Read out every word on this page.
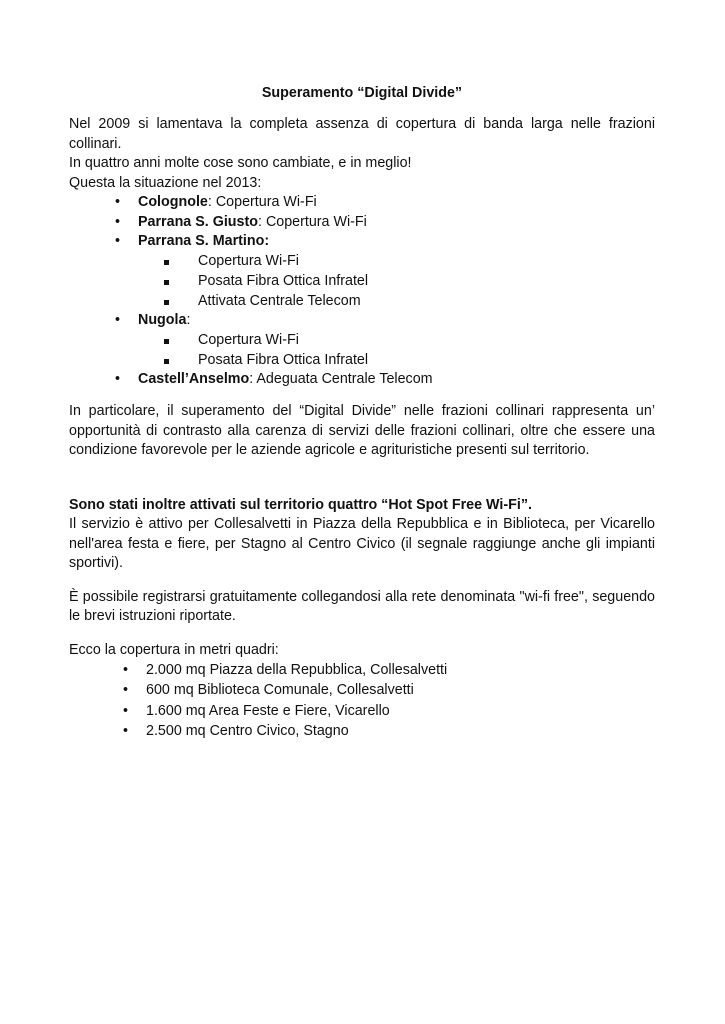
Superamento “Digital Divide”

Nel 2009 si lamentava la completa assenza di copertura di banda larga nelle frazioni collinari.

In quattro anni molte cose sono cambiate, e in meglio!

Questa la situazione nel 2013:

• Colognole: Copertura Wi-Fi
• Parrana S. Giusto: Copertura Wi-Fi
• Parrana S. Martino:
Copertura Wi-Fi
Posata Fibra Ottica Infratel
Attivata Centrale Telecom
• Nugola:
Copertura Wi-Fi
Posata Fibra Ottica Infratel
• Castell’Anselmo: Adeguata Centrale Telecom

In particolare, il superamento del “Digital Divide” nelle frazioni collinari rappresenta un’ opportunità di contrasto alla carenza di servizi delle frazioni collinari, oltre che essere una condizione favorevole per le aziende agricole e agrituristiche presenti sul territorio.

Sono stati inoltre attivati sul territorio quattro “Hot Spot Free Wi-Fi”.

Il servizio è attivo per Collesalvetti in Piazza della Repubblica e in Biblioteca, per Vicarello nell'area festa e fiere, per Stagno al Centro Civico (il segnale raggiunge anche gli impianti sportivi).

È possibile registrarsi gratuitamente collegandosi alla rete denominata "wi-fi free", seguendo le brevi istruzioni riportate.

Ecco la copertura in metri quadri:

• 2.000 mq Piazza della Repubblica, Collesalvetti
• 600 mq Biblioteca Comunale, Collesalvetti
• 1.600 mq Area Feste e Fiere, Vicarello
• 2.500 mq Centro Civico, Stagno
